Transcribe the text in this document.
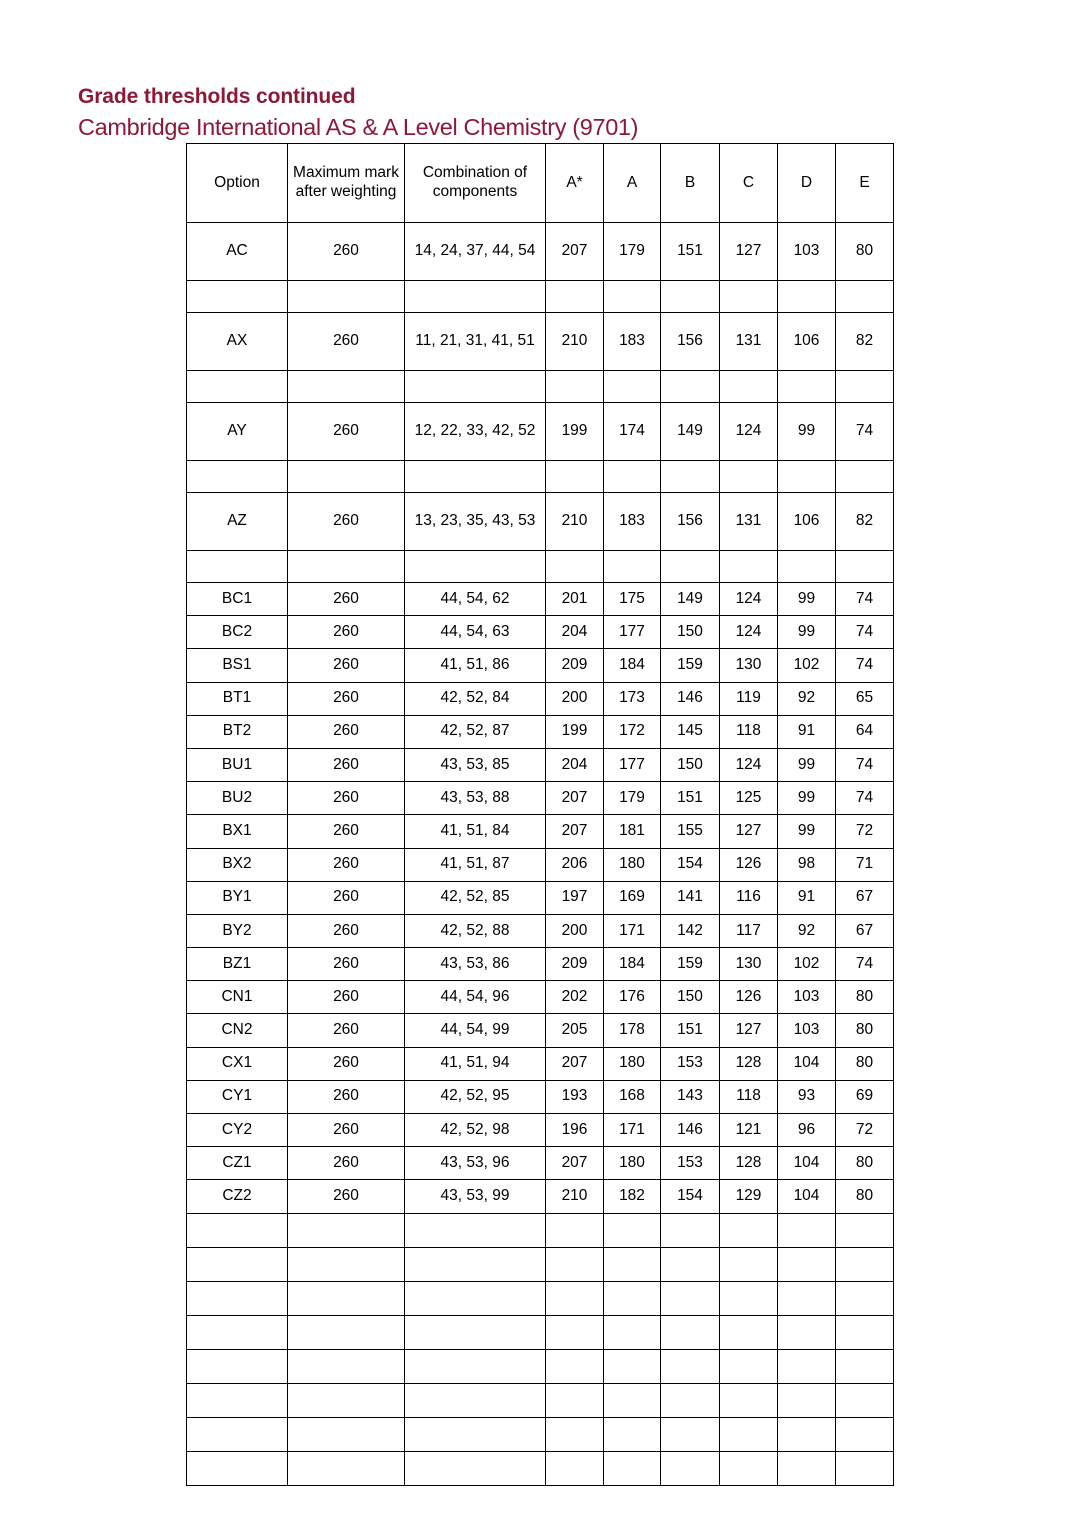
Grade thresholds continued
Cambridge International AS & A Level Chemistry (9701)
Option	Maximum mark after weighting	Combination of components	A*	A	B	C	D	E
AC	260	14, 24, 37, 44, 54	207	179	151	127	103	80

AX	260	11, 21, 31, 41, 51	210	183	156	131	106	82

AY	260	12, 22, 33, 42, 52	199	174	149	124	99	74

AZ	260	13, 23, 35, 43, 53	210	183	156	131	106	82

BC1	260	44, 54, 62	201	175	149	124	99	74
BC2	260	44, 54, 63	204	177	150	124	99	74
BS1	260	41, 51, 86	209	184	159	130	102	74
BT1	260	42, 52, 84	200	173	146	119	92	65
BT2	260	42, 52, 87	199	172	145	118	91	64
BU1	260	43, 53, 85	204	177	150	124	99	74
BU2	260	43, 53, 88	207	179	151	125	99	74
BX1	260	41, 51, 84	207	181	155	127	99	72
BX2	260	41, 51, 87	206	180	154	126	98	71
BY1	260	42, 52, 85	197	169	141	116	91	67
BY2	260	42, 52, 88	200	171	142	117	92	67
BZ1	260	43, 53, 86	209	184	159	130	102	74
CN1	260	44, 54, 96	202	176	150	126	103	80
CN2	260	44, 54, 99	205	178	151	127	103	80
CX1	260	41, 51, 94	207	180	153	128	104	80
CY1	260	42, 52, 95	193	168	143	118	93	69
CY2	260	42, 52, 98	196	171	146	121	96	72
CZ1	260	43, 53, 96	207	180	153	128	104	80
CZ2	260	43, 53, 99	210	182	154	129	104	80
